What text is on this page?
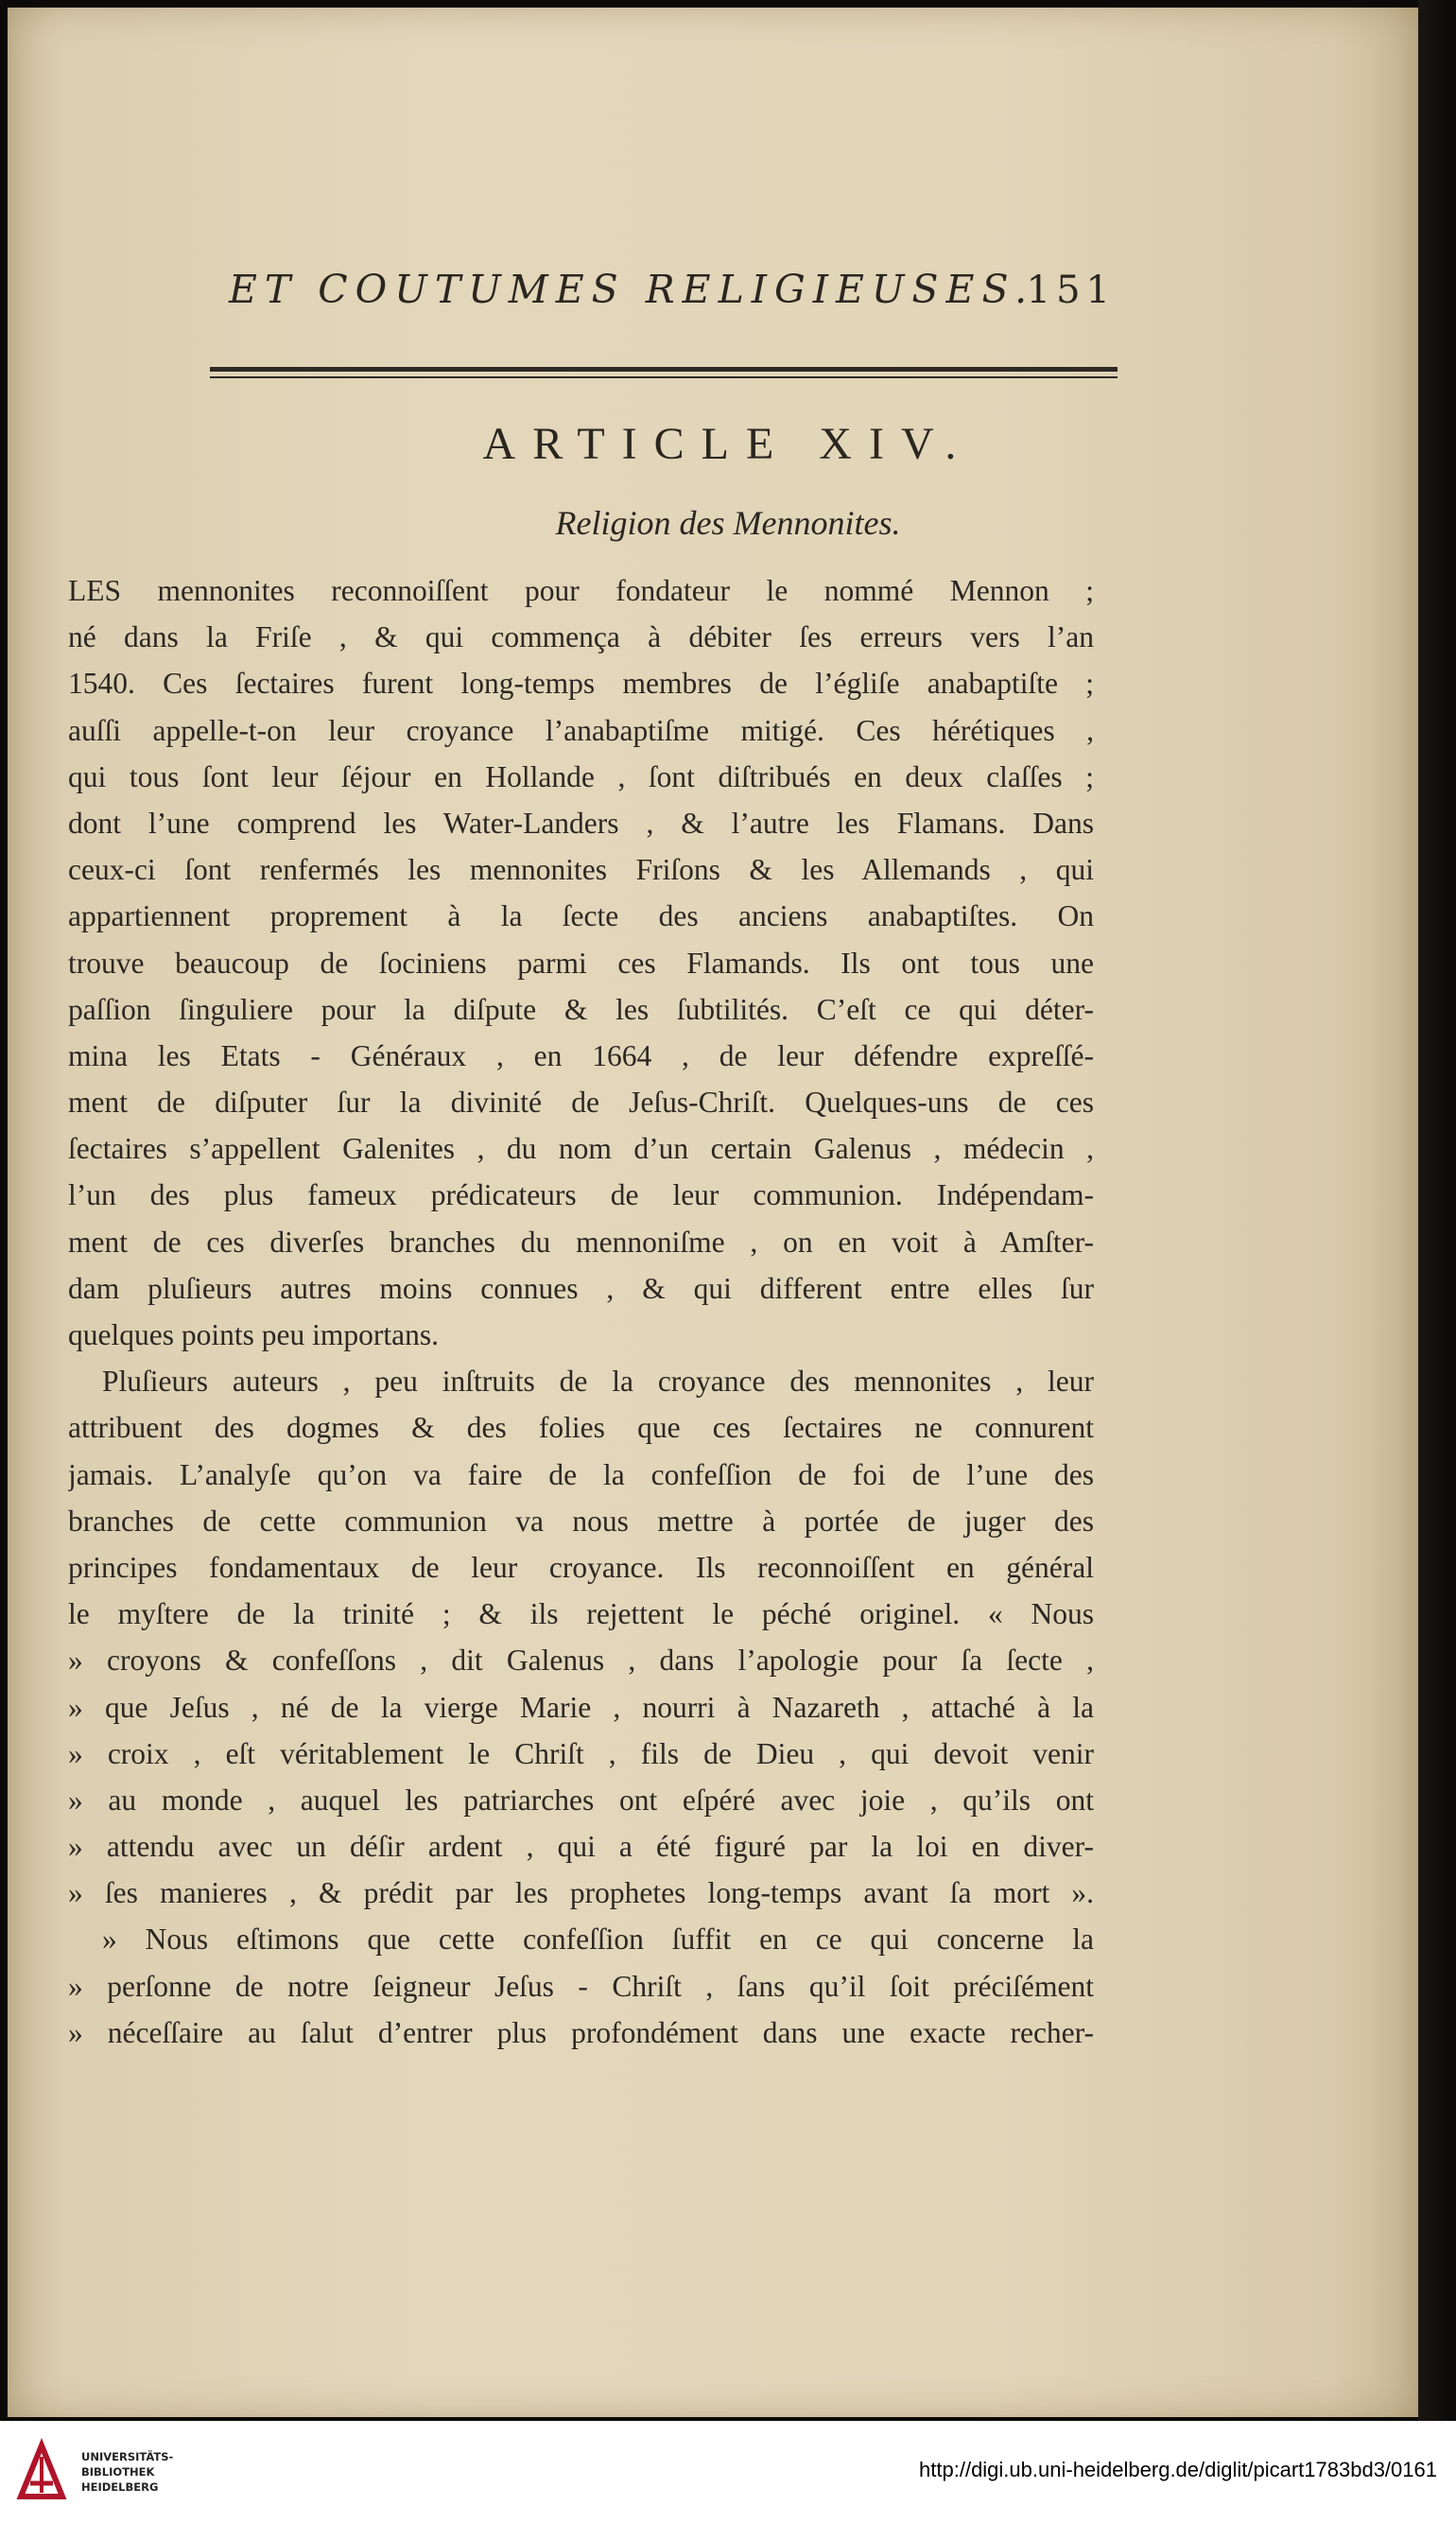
ET COUTUMES RELIGIEUSES.
151
ARTICLE XIV.
Religion des Mennonites.
LES mennonites reconnoiſſent pour fondateur le nommé Mennon ;
né dans la Friſe , & qui commença à débiter ſes erreurs vers l’an
1540. Ces ſectaires furent long-temps membres de l’égliſe anabaptiſte ;
auſſi appelle-t-on leur croyance l’anabaptiſme mitigé. Ces hérétiques ,
qui tous ſont leur ſéjour en Hollande , ſont diſtribués en deux claſſes ;
dont l’une comprend les Water-Landers , & l’autre les Flamans. Dans
ceux-ci ſont renfermés les mennonites Friſons & les Allemands , qui
appartiennent proprement à la ſecte des anciens anabaptiſtes. On
trouve beaucoup de ſociniens parmi ces Flamands. Ils ont tous une
paſſion ſinguliere pour la diſpute & les ſubtilités. C’eſt ce qui déter-
mina les Etats - Généraux , en 1664 , de leur défendre expreſſé-
ment de diſputer ſur la divinité de Jeſus-Chriſt. Quelques-uns de ces
ſectaires s’appellent Galenites , du nom d’un certain Galenus , médecin ,
l’un des plus fameux prédicateurs de leur communion. Indépendam-
ment de ces diverſes branches du mennoniſme , on en voit à Amſter-
dam pluſieurs autres moins connues , & qui different entre elles ſur
quelques points peu importans.
Pluſieurs auteurs , peu inſtruits de la croyance des mennonites , leur
attribuent des dogmes & des folies que ces ſectaires ne connurent
jamais. L’analyſe qu’on va faire de la confeſſion de foi de l’une des
branches de cette communion va nous mettre à portée de juger des
principes fondamentaux de leur croyance. Ils reconnoiſſent en général
le myſtere de la trinité ; & ils rejettent le péché originel. « Nous
» croyons & confeſſons , dit Galenus , dans l’apologie pour ſa ſecte ,
» que Jeſus , né de la vierge Marie , nourri à Nazareth , attaché à la
» croix , eſt véritablement le Chriſt , fils de Dieu , qui devoit venir
» au monde , auquel les patriarches ont eſpéré avec joie , qu’ils ont
» attendu avec un déſir ardent , qui a été figuré par la loi en diver-
» ſes manieres , & prédit par les prophetes long-temps avant ſa mort ».
» Nous eſtimons que cette confeſſion ſuffit en ce qui concerne la
» perſonne de notre ſeigneur Jeſus - Chriſt , ſans qu’il ſoit préciſément
» néceſſaire au ſalut d’entrer plus profondément dans une exacte recher-
UNIVERSITÄTS-
BIBLIOTHEK
HEIDELBERG
http://digi.ub.uni-heidelberg.de/diglit/picart1783bd3/0161
